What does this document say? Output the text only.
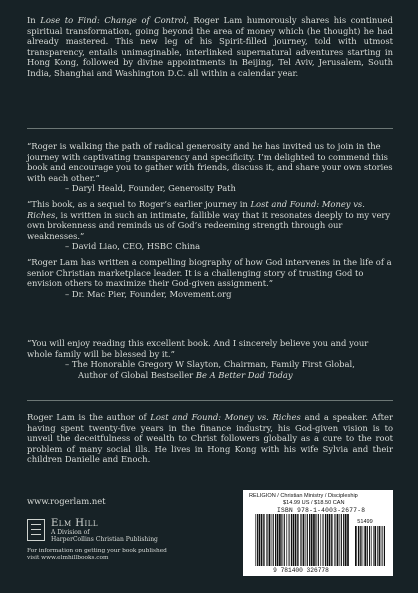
In Lose to Find: Change of Control, Roger Lam humorously shares his continued spiritual transformation, going beyond the area of money which (he thought) he had already mastered. This new leg of his Spirit-filled journey, told with utmost transparency, entails unimaginable, interlinked supernatural adventures starting in Hong Kong, followed by divine appointments in Beijing, Tel Aviv, Jerusalem, South India, Shanghai and Washington D.C. all within a calendar year.

“Roger is walking the path of radical generosity and he has invited us to join in the journey with captivating transparency and specificity. I’m delighted to commend this book and encourage you to gather with friends, discuss it, and share your own stories with each other.”

– Daryl Heald, Founder, Generosity Path

“This book, as a sequel to Roger’s earlier journey in Lost and Found: Money vs. Riches, is written in such an intimate, fallible way that it resonates deeply to my very own brokenness and reminds us of God’s redeeming strength through our weaknesses.”

– David Liao, CEO, HSBC China

“Roger Lam has written a compelling biography of how God intervenes in the life of a senior Christian marketplace leader. It is a challenging story of trusting God to envision others to maximize their God-given assignment.”

– Dr. Mac Pier, Founder, Movement.org

“You will enjoy reading this excellent book. And I sincerely believe you and your whole family will be blessed by it.”

– The Honorable Gregory W Slayton, Chairman, Family First Global,

Author of Global Bestseller Be A Better Dad Today

Roger Lam is the author of Lost and Found: Money vs. Riches and a speaker. After having spent twenty-five years in the finance industry, his God-given vision is to unveil the deceitfulness of wealth to Christ followers globally as a cure to the root problem of many social ills. He lives in Hong Kong with his wife Sylvia and their children Danielle and Enoch.

www.rogerlam.net
Elm Hill
A Division of
HarperCollins Christian Publishing
For information on getting your book published
visit www.elmhillbooks.com
RELIGION / Christian Ministry / Discipleship
$14.99 US / $18.50 CAN
ISBN 978-1-4003-2677-8
51499
9 781400 326778
